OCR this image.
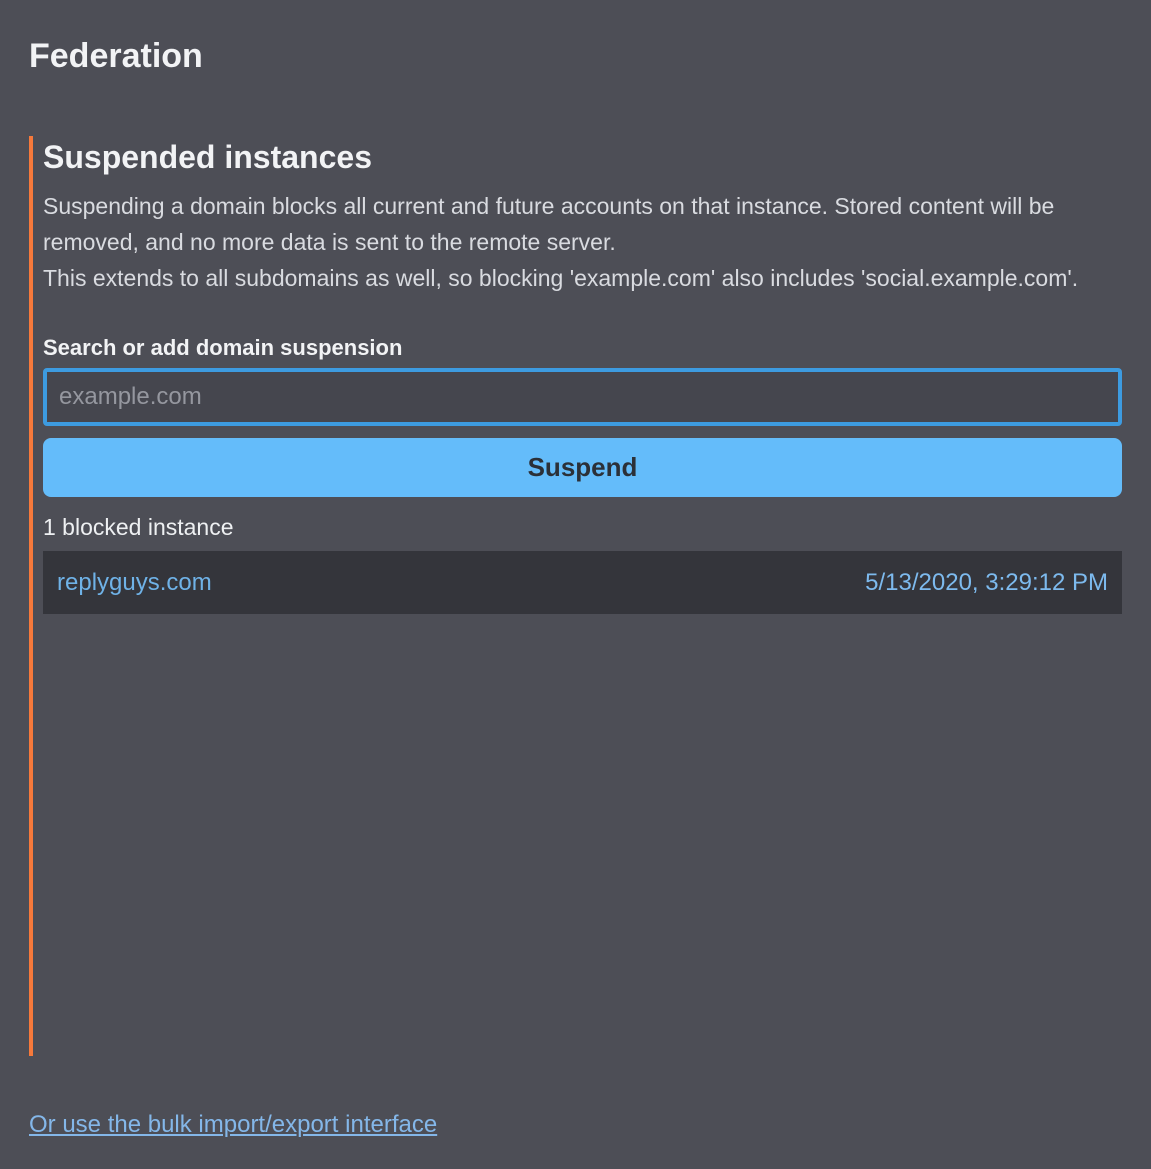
Federation
Suspended instances

Suspending a domain blocks all current and future accounts on that instance. Stored content will be removed, and no more data is sent to the remote server.

This extends to all subdomains as well, so blocking 'example.com' also includes 'social.example.com'.

Search or add domain suspension
example.com
Suspend

1 blocked instance

replyguys.com	5/13/2020, 3:29:12 PM
Or use the bulk import/export interface
